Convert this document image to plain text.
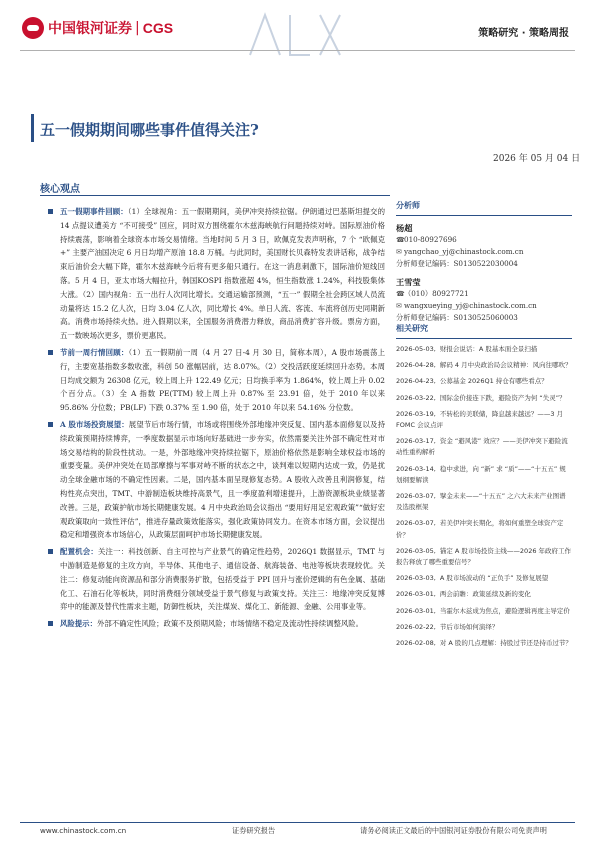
中国银河证券 | CGS	策略研究 · 策略周报
五一假期期间哪些事件值得关注?
2026 年 05 月 04 日
核心观点
五一假期事件回顾：（1）全球视角：五一假期期间，美伊冲突持续拉锯。伊朗通过巴基斯坦提交的 14 点提议遭美方 “不可接受” 回应，同时双方围绕霍尔木兹海峡航行问题持续对峙。国际原油价格持续震荡，影响着全球资本市场交易情绪。当地时间 5 月 3 日，欧佩克发表声明称，7 个 “欧佩克+” 主要产油国决定 6 月日均增产原油 18.8 万桶。与此同时，美国财长贝森特发表讲话称，战争结束后油价会大幅下降，霍尔木兹海峡今后将有更多船只通行。在这一消息刺激下，国际油价短线回落。5 月 4 日，亚太市场大幅拉升，韩国KOSPI 指数涨超 4%，恒生指数涨 1.24%，科技股集体大涨。（2）国内视角：五一出行人次同比增长。交通运输部预测，“五一” 假期全社会跨区域人员流动量将达 15.2 亿人次，日均 3.04 亿人次，同比增长 4%。单日人流、客流、车流将创历史同期新高。消费市场持续火热。进入假期以来，全国服务消费潜力释放，商品消费扩容升级。票房方面，五一数映场次更多，票价更惠民。
节前一周行情回顾：（1）五一假期前一周（4 月 27 日-4 月 30 日，简称本周），A 股市场震荡上行，主要宽基指数多数收涨，科创 50 涨幅居前，达 8.07%。（2）交投活跃度延续回升态势。本周日均成交额为 26308 亿元，较上周上升 122.49 亿元；日均换手率为 1.864%，较上周上升 0.02 个百分点。（3）全 A 指数 PE(TTM) 较上周上升 0.87% 至 23.91 倍，处于 2010 年以来 95.86% 分位数；PB(LF) 下跌 0.37% 至 1.90 倍，处于 2010 年以来 54.16% 分位数。
A 股市场投资展望：展望节后市场行情，市场或将围绕外部地缘冲突反复、国内基本面修复以及持续政策预期持续博弈，一季度数据显示市场向好基础进一步夯实，依然需要关注外部不确定性对市场交易结构的阶段性扰动。一是，外部地缘冲突持续拉锯下，原油价格依然是影响全球权益市场的重要变量。美伊冲突处在局部摩擦与军事对峙不断的状态之中，谈判难以短期内达成一致，仍是扰动全球金融市场的不确定性因素。二是，国内基本面呈现修复态势。A 股收入改善且利润修复，结构性亮点突出，TMT、中游制造板块维持高景气，且一季度盈利增速提升，上游资源板块业绩显著改善。三是，政策护航市场长期健康发展。4 月中央政治局会议指出 “要用好用足宏观政策”“做好宏观政策取向一致性评估”，推进存量政策效能落实，强化政策协同发力。在资本市场方面，会议提出稳定和增强资本市场信心，从政策层面呵护市场长期健康发展。
配置机会：关注一：科技创新、自主可控与产业景气的确定性趋势，2026Q1 数据显示，TMT 与中游制造是修复的主攻方向，半导体、其他电子、通信设备、航海装备、电池等板块表现较优。关注二：修复动能向资源品和部分消费服务扩散，包括受益于 PPI 回升与涨价逻辑的有色金属、基础化工、石油石化等板块，同时消费细分领域受益于景气修复与政策支持。关注三：地缘冲突反复博弈中的能源及替代性需求主题，防御性板块，关注煤炭、煤化工、新能源、金融、公用事业等。
风险提示：外部不确定性风险；政策不及预期风险；市场情绪不稳定及流动性持续调整风险。
分析师
杨超
☎010-80927696
✉ yangchao_yj@chinastock.com.cn
分析师登记编码：S0130522030004
王雪莹
☎（010）80927721
✉ wangxueying_yj@chinastock.com.cn
分析师登记编码：S0130525060003
相关研究
2026-05-03, 财报会说话：A 股基本面全景扫描
2026-04-28, 解码 4 月中央政治局会议精神：风向往哪吹？
2026-04-23, 公募基金 2026Q1 持仓有哪些看点？
2026-03-22, 国际金价接连下跌，避险资产为何 “失灵”？
2026-03-19, 不转松的美联储，降息越来越远？——3 月 FOMC 会议点评
2026-03-17, 资金 “避风港” 效应？——美伊冲突下避险流动性重构解析
2026-03-14, 稳中求进，向 “新” 求 “质”——“十五五” 规划纲要解读
2026-03-07, 擘金未来——“十五五” 之六大未来产业图谱及选股框架
2026-03-07, 若美伊冲突长期化，将如何重塑全球资产定价？
2026-03-05, 锚定 A 股市场投资主线——2026 年政府工作报告释放了哪些重要信号？
2026-03-03, A 股市场波动的 “正负手” 及修复展望
2026-03-01, 两会前瞻：政策延续及新的变化
2026-03-01, 当霍尔木兹成为焦点，避险逻辑再度主导定价
2026-02-22, 节后市场如何演绎？
2026-02-08, 对 A 股的几点理解：持股过节还是持币过节？
www.chinastock.com.cn	证券研究报告	请务必阅读正文最后的中国银河证券股份有限公司免责声明
